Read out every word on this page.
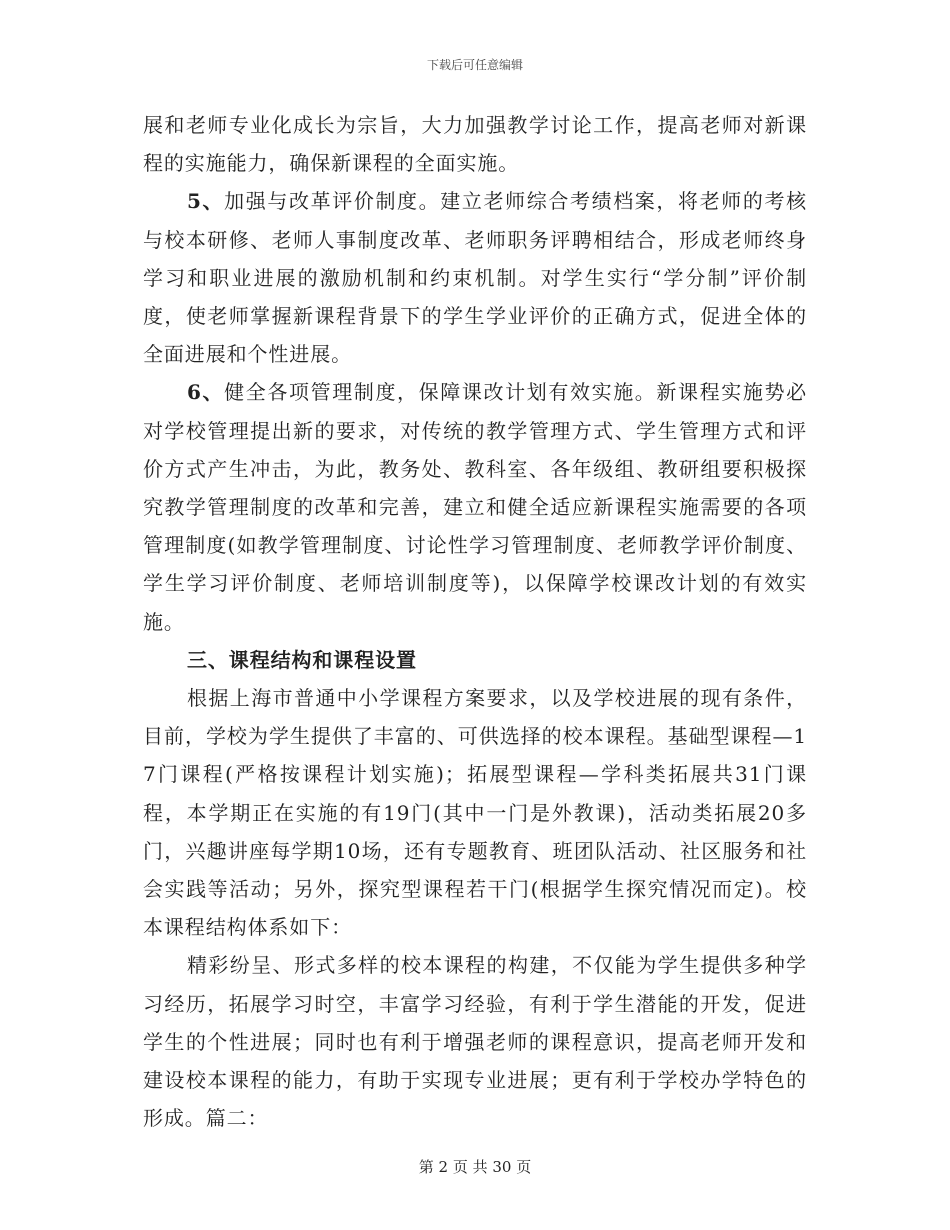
下载后可任意编辑

展和老师专业化成长为宗旨，大力加强教学讨论工作，提高老师对新课程的实施能力，确保新课程的全面实施。

5、加强与改革评价制度。建立老师综合考绩档案，将老师的考核与校本研修、老师人事制度改革、老师职务评聘相结合，形成老师终身学习和职业进展的激励机制和约束机制。对学生实行“学分制”评价制度，使老师掌握新课程背景下的学生学业评价的正确方式，促进全体的全面进展和个性进展。

6、健全各项管理制度，保障课改计划有效实施。新课程实施势必对学校管理提出新的要求，对传统的教学管理方式、学生管理方式和评价方式产生冲击，为此，教务处、教科室、各年级组、教研组要积极探究教学管理制度的改革和完善，建立和健全适应新课程实施需要的各项管理制度(如教学管理制度、讨论性学习管理制度、老师教学评价制度、学生学习评价制度、老师培训制度等)，以保障学校课改计划的有效实施。

三、课程结构和课程设置

根据上海市普通中小学课程方案要求，以及学校进展的现有条件，目前，学校为学生提供了丰富的、可供选择的校本课程。基础型课程—17门课程(严格按课程计划实施)；拓展型课程—学科类拓展共31门课程，本学期正在实施的有19门(其中一门是外教课)，活动类拓展20多门，兴趣讲座每学期10场，还有专题教育、班团队活动、社区服务和社会实践等活动；另外，探究型课程若干门(根据学生探究情况而定)。校本课程结构体系如下：

精彩纷呈、形式多样的校本课程的构建，不仅能为学生提供多种学习经历，拓展学习时空，丰富学习经验，有利于学生潜能的开发，促进学生的个性进展；同时也有利于增强老师的课程意识，提高老师开发和建设校本课程的能力，有助于实现专业进展；更有利于学校办学特色的形成。篇二：

第 2 页 共 30 页
